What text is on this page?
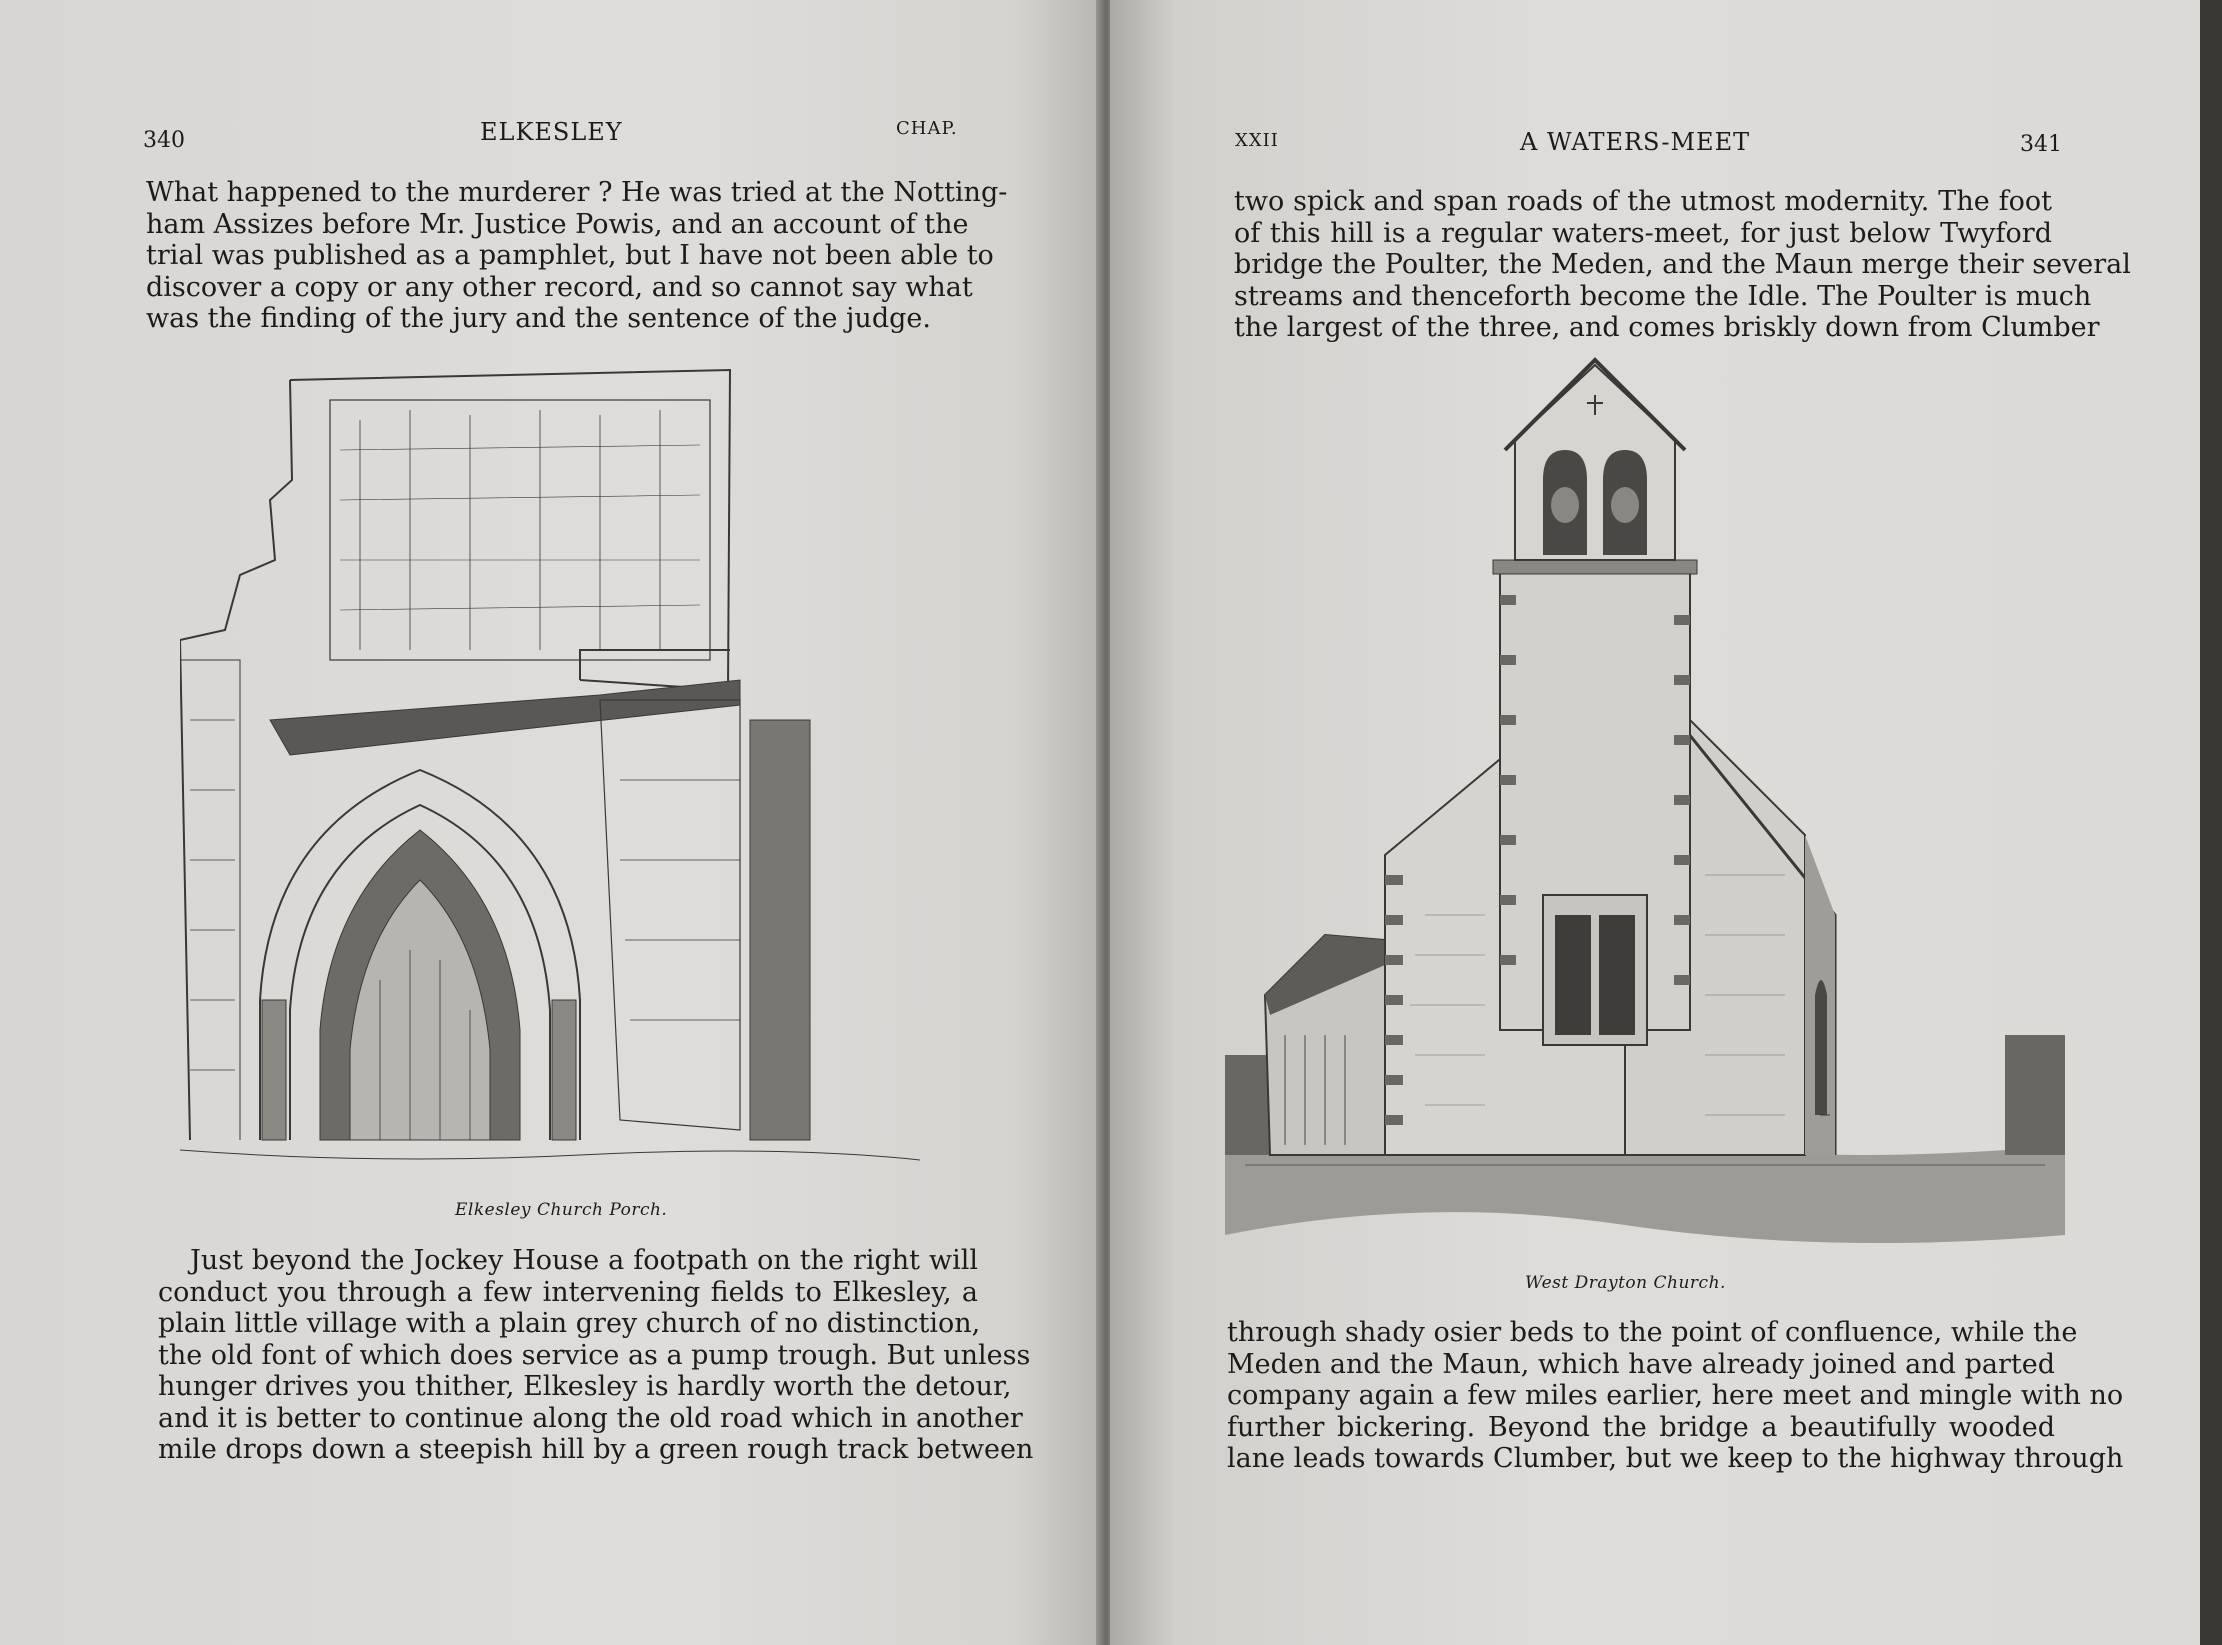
340	ELKESLEY	CHAP.
What happened to the murderer ? He was tried at the Notting-
ham Assizes before Mr. Justice Powis, and an account of the
trial was published as a pamphlet, but I have not been able to
discover a copy or any other record, and so cannot say what
was the finding of the jury and the sentence of the judge.
Elkesley Church Porch.
Just beyond the Jockey House a footpath on the right will
conduct you through a few intervening fields to Elkesley, a
plain little village with a plain grey church of no distinction,
the old font of which does service as a pump trough. But unless
hunger drives you thither, Elkesley is hardly worth the detour,
and it is better to continue along the old road which in another
mile drops down a steepish hill by a green rough track between
XXII	A WATERS-MEET	341
two spick and span roads of the utmost modernity. The foot
of this hill is a regular waters-meet, for just below Twyford
bridge the Poulter, the Meden, and the Maun merge their several
streams and thenceforth become the Idle. The Poulter is much
the largest of the three, and comes briskly down from Clumber
West Drayton Church.
through shady osier beds to the point of confluence, while the
Meden and the Maun, which have already joined and parted
company again a few miles earlier, here meet and mingle with no
further bickering. Beyond the bridge a beautifully wooded
lane leads towards Clumber, but we keep to the highway through
